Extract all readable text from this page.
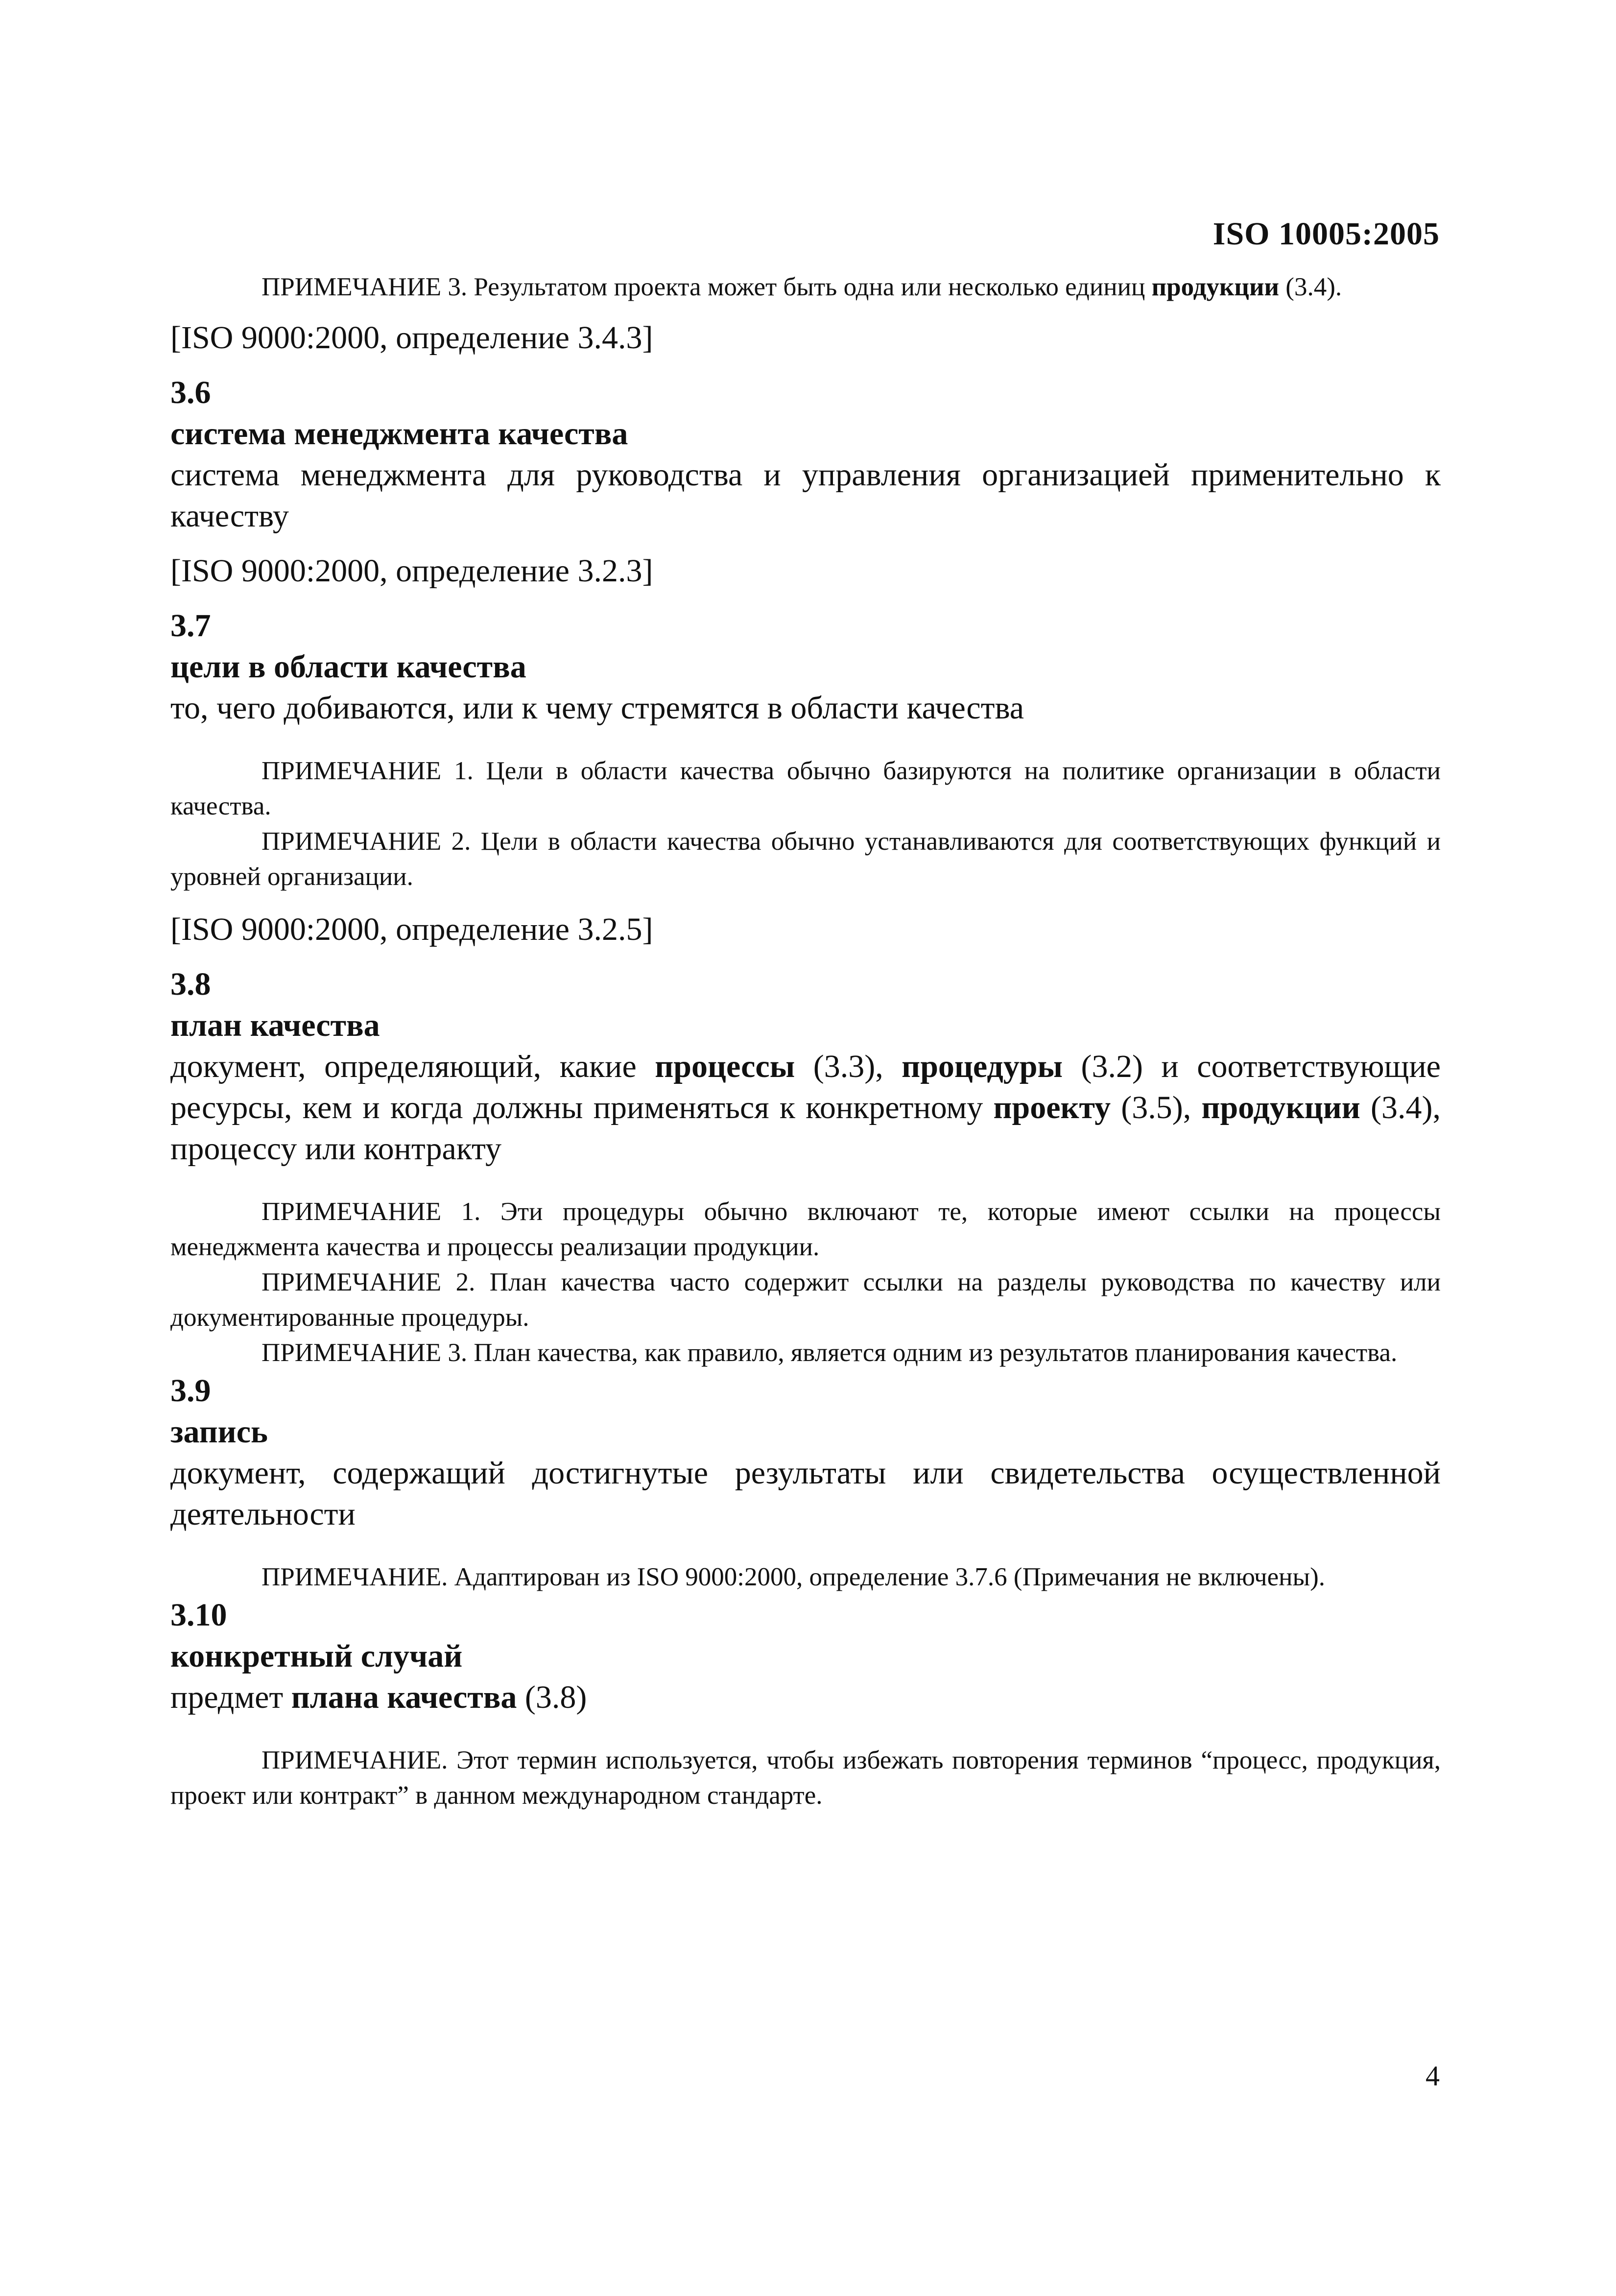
ISO 10005:2005

ПРИМЕЧАНИЕ 3. Результатом проекта может быть одна или несколько единиц продукции (3.4).

[ISO 9000:2000, определение 3.4.3]

3.6

система менеджмента качества

система менеджмента для руководства и управления организацией применительно к качеству

[ISO 9000:2000, определение 3.2.3]

3.7

цели в области качества

то, чего добиваются, или к чему стремятся в области качества

ПРИМЕЧАНИЕ 1. Цели в области качества обычно базируются на политике организации в области качества.

ПРИМЕЧАНИЕ 2. Цели в области качества обычно устанавливаются для соответствующих функций и уровней организации.

[ISO 9000:2000, определение 3.2.5]

3.8

план качества

документ, определяющий, какие процессы (3.3), процедуры (3.2) и соответствующие ресурсы, кем и когда должны применяться к конкретному проекту (3.5), продукции (3.4), процессу или контракту

ПРИМЕЧАНИЕ 1. Эти процедуры обычно включают те, которые имеют ссылки на процессы менеджмента качества и процессы реализации продукции.

ПРИМЕЧАНИЕ 2. План качества часто содержит ссылки на разделы руководства по качеству или документированные процедуры.

ПРИМЕЧАНИЕ 3. План качества, как правило, является одним из результатов планирования качества.

3.9

запись

документ, содержащий достигнутые результаты или свидетельства осуществленной деятельности

ПРИМЕЧАНИЕ. Адаптирован из ISO 9000:2000, определение 3.7.6 (Примечания не включены).

3.10

конкретный случай

предмет плана качества (3.8)

ПРИМЕЧАНИЕ. Этот термин используется, чтобы избежать повторения терминов “процесс, продукция, проект или контракт” в данном международном стандарте.

4
